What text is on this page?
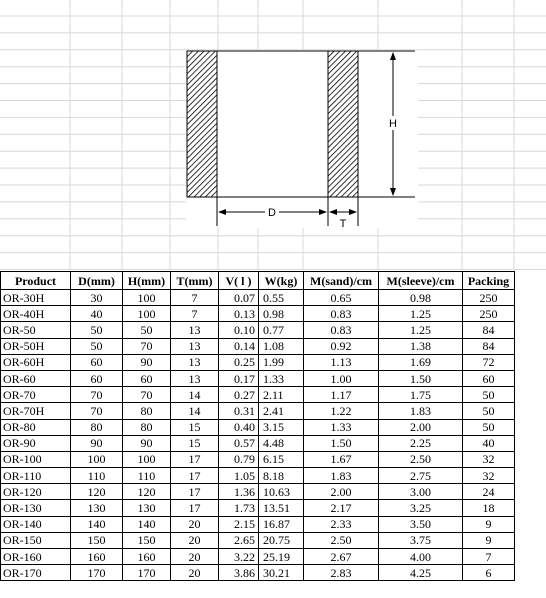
H
D
T
Product	D(mm)	H(mm)	T(mm)	V( l )	W(kg)	M(sand)/cm	M(sleeve)/cm	Packing
OR-30H	30	100	7	0.07	0.55	0.65	0.98	250
OR-40H	40	100	7	0.13	0.98	0.83	1.25	250
OR-50	50	50	13	0.10	0.77	0.83	1.25	84
OR-50H	50	70	13	0.14	1.08	0.92	1.38	84
OR-60H	60	90	13	0.25	1.99	1.13	1.69	72
OR-60	60	60	13	0.17	1.33	1.00	1.50	60
OR-70	70	70	14	0.27	2.11	1.17	1.75	50
OR-70H	70	80	14	0.31	2.41	1.22	1.83	50
OR-80	80	80	15	0.40	3.15	1.33	2.00	50
OR-90	90	90	15	0.57	4.48	1.50	2.25	40
OR-100	100	100	17	0.79	6.15	1.67	2.50	32
OR-110	110	110	17	1.05	8.18	1.83	2.75	32
OR-120	120	120	17	1.36	10.63	2.00	3.00	24
OR-130	130	130	17	1.73	13.51	2.17	3.25	18
OR-140	140	140	20	2.15	16.87	2.33	3.50	9
OR-150	150	150	20	2.65	20.75	2.50	3.75	9
OR-160	160	160	20	3.22	25.19	2.67	4.00	7
OR-170	170	170	20	3.86	30.21	2.83	4.25	6
